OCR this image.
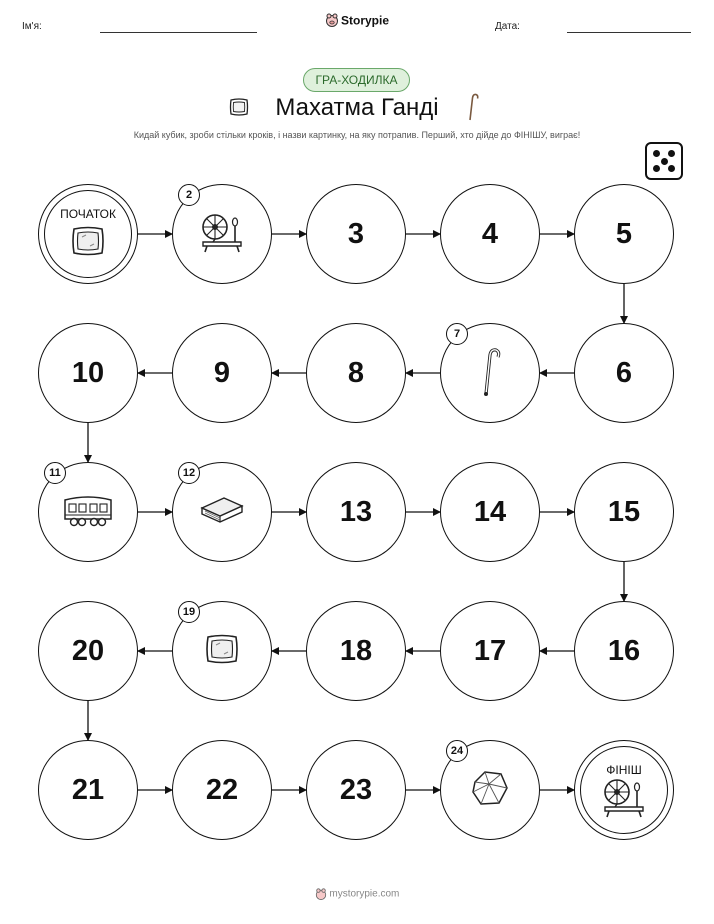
Ім'я:	Storypie	Дата:
ГРА-ХОДИЛКА
Махатма Ганді
Кидай кубик, зроби стільки кроків, і назви картинку, на яку потрапив. Перший, хто дійде до ФІНІШУ, виграє!
ПОЧАТОК
2
3	4	5
6
7
8
9
10
11	12
13	14	15
16
17
18
19
20
21	22	23
24
ФІНІШ
mystorypie.com
